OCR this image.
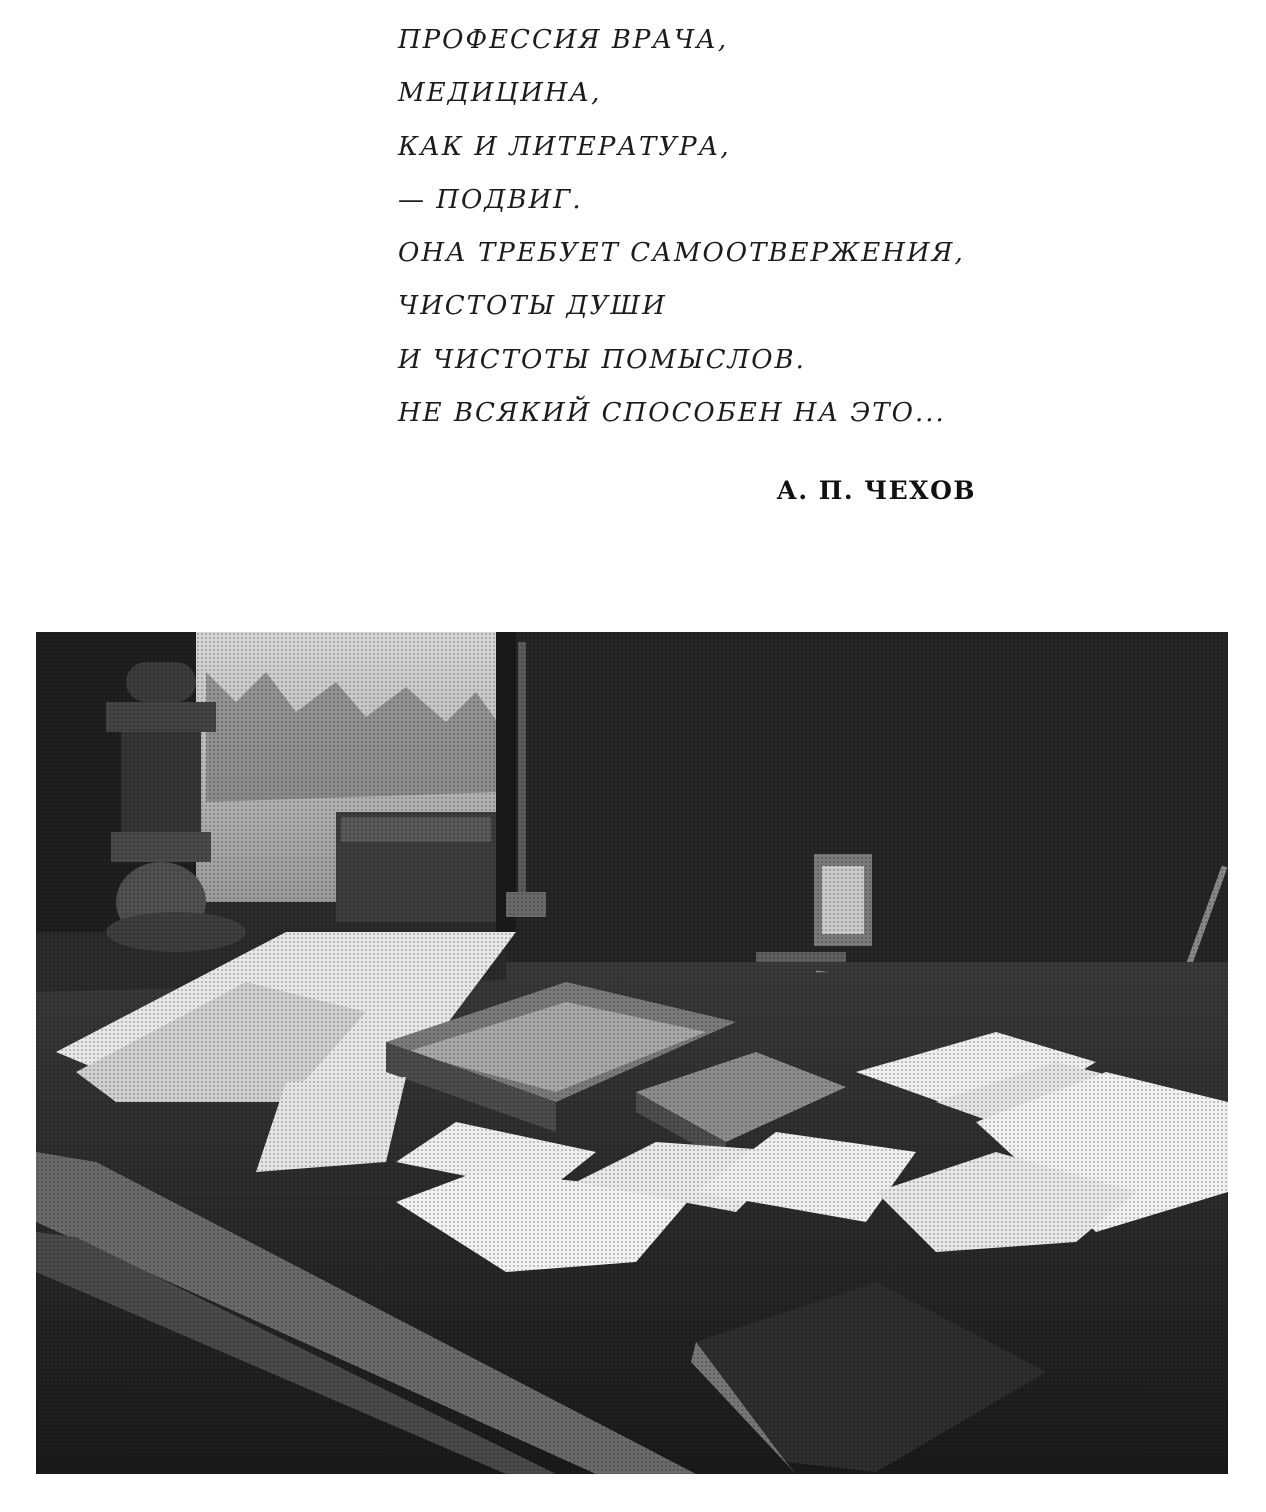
ПРОФЕССИЯ ВРАЧА,
МЕДИЦИНА,
КАК И ЛИТЕРАТУРА,
— ПОДВИГ.
ОНА ТРЕБУЕТ САМООТВЕРЖЕНИЯ,
ЧИСТОТЫ ДУШИ
И ЧИСТОТЫ ПОМЫСЛОВ.
НЕ ВСЯКИЙ СПОСОБЕН НА ЭТО...
А. П. ЧЕХОВ
